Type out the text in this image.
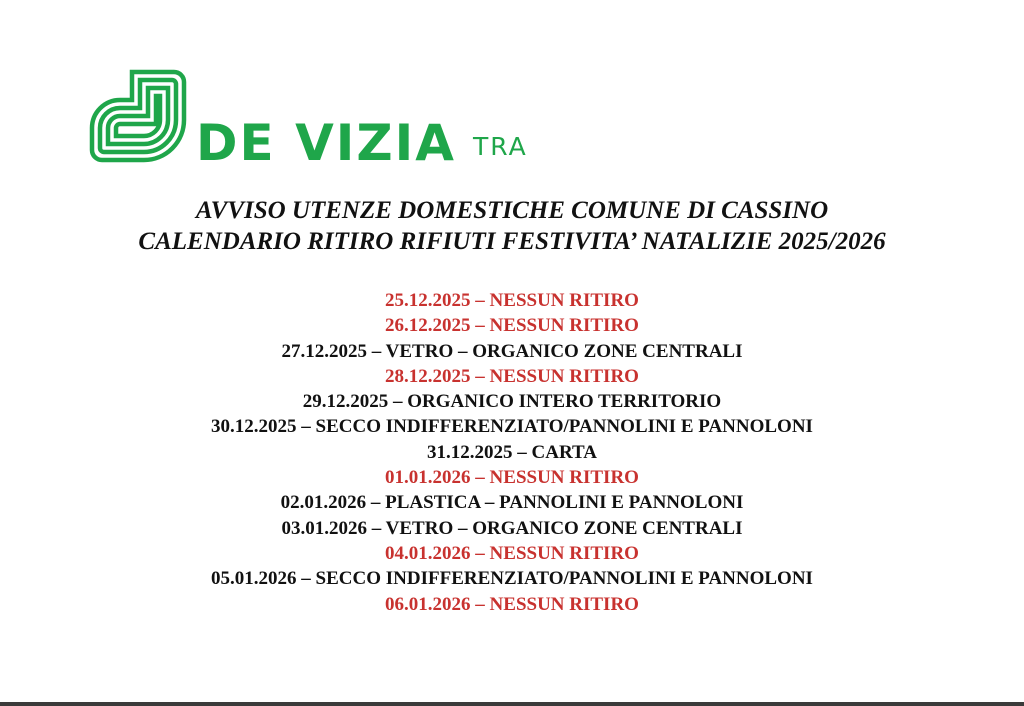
DE VIZIA TRA
AVVISO UTENZE DOMESTICHE COMUNE DI CASSINO
CALENDARIO RITIRO RIFIUTI FESTIVITA’ NATALIZIE 2025/2026
25.12.2025 – NESSUN RITIRO
26.12.2025 – NESSUN RITIRO
27.12.2025 – VETRO – ORGANICO ZONE CENTRALI
28.12.2025 – NESSUN RITIRO
29.12.2025 – ORGANICO INTERO TERRITORIO
30.12.2025 – SECCO INDIFFERENZIATO/PANNOLINI E PANNOLONI
31.12.2025 – CARTA
01.01.2026 – NESSUN RITIRO
02.01.2026 – PLASTICA – PANNOLINI E PANNOLONI
03.01.2026 – VETRO – ORGANICO ZONE CENTRALI
04.01.2026 – NESSUN RITIRO
05.01.2026 – SECCO INDIFFERENZIATO/PANNOLINI E PANNOLONI
06.01.2026 – NESSUN RITIRO
